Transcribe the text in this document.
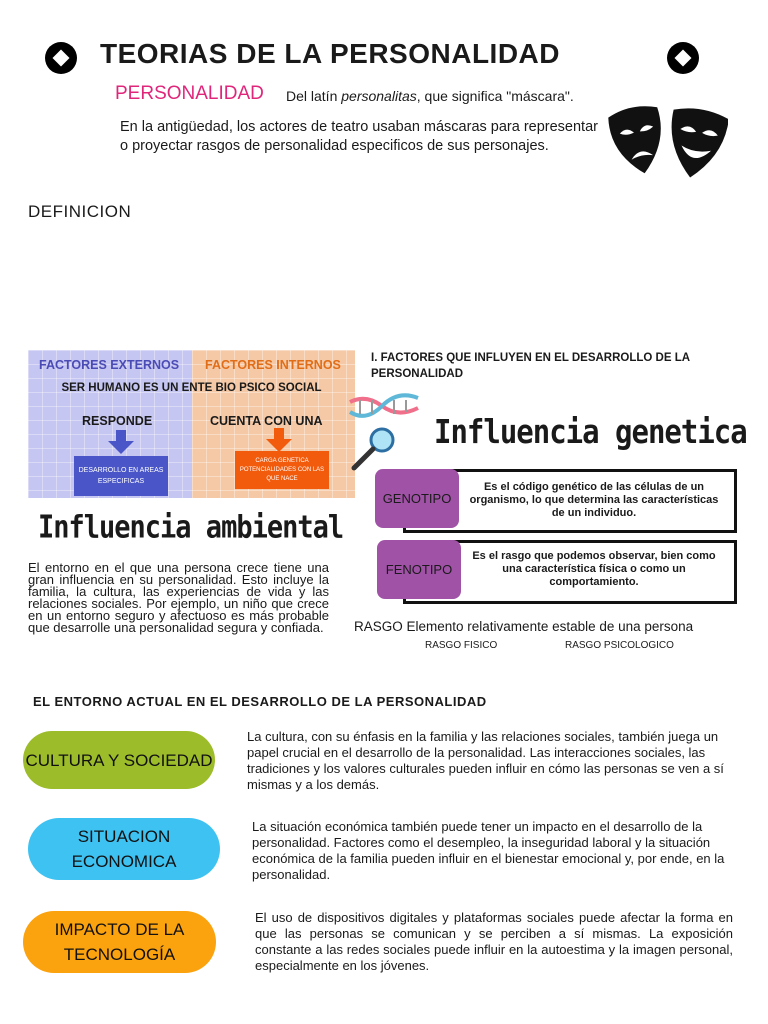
TEORIAS DE LA PERSONALIDAD
PERSONALIDAD Del latín personalitas, que significa "máscara".
En la antigüedad, los actores de teatro usaban máscaras para representar o proyectar rasgos de personalidad especificos de sus personajes.
DEFINICION
FACTORES EXTERNOS FACTORES INTERNOS
SER HUMANO ES UN ENTE BIO PSICO SOCIAL
RESPONDE	CUENTA CON UNA
DESARROLLO EN AREAS ESPECIFICAS
CARGA GENETICA POTENCIALIDADES CON LAS QUE NACE
I. FACTORES QUE INFLUYEN EN EL DESARROLLO DE LA PERSONALIDAD
Influencia genetica
Es el código genético de las células de un organismo, lo que determina las características de un individuo.
GENOTIPO
Es el rasgo que podemos observar, bien como una característica física o como un comportamiento.
FENOTIPO
Influencia ambiental
El entorno en el que una persona crece tiene una gran influencia en su personalidad. Esto incluye la familia, la cultura, las experiencias de vida y las relaciones sociales. Por ejemplo, un niño que crece en un entorno seguro y afectuoso es más probable que desarrolle una personalidad segura y confiada.	RASGO Elemento relativamente estable de una persona
RASGO FISICO	RASGO PSICOLOGICO
EL ENTORNO ACTUAL EN EL DESARROLLO DE LA PERSONALIDAD
CULTURA Y SOCIEDAD
La cultura, con su énfasis en la familia y las relaciones sociales, también juega un papel crucial en el desarrollo de la personalidad. Las interacciones sociales, las tradiciones y los valores culturales pueden influir en cómo las personas se ven a sí mismas y a los demás.
SITUACION ECONOMICA
La situación económica también puede tener un impacto en el desarrollo de la personalidad. Factores como el desempleo, la inseguridad laboral y la situación económica de la familia pueden influir en el bienestar emocional y, por ende, en la personalidad.
IMPACTO DE LA TECNOLOGÍA
El uso de dispositivos digitales y plataformas sociales puede afectar la forma en que las personas se comunican y se perciben a sí mismas. La exposición constante a las redes sociales puede influir en la autoestima y la imagen personal, especialmente en los jóvenes.
